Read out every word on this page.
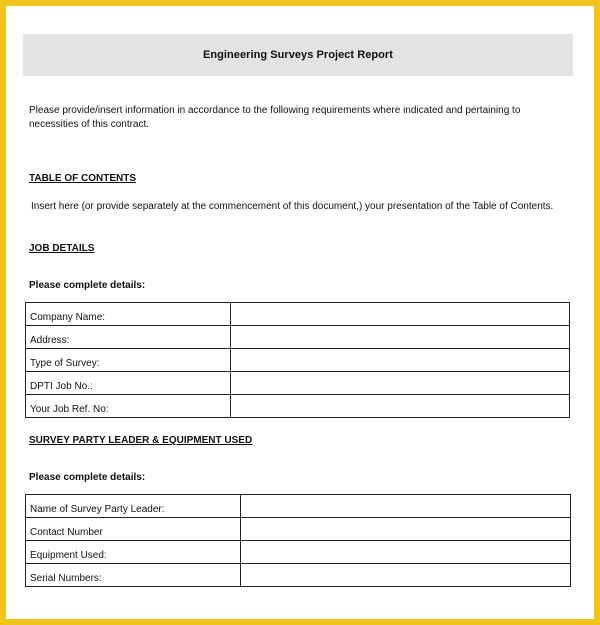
Engineering Surveys Project Report
Please provide/insert information in accordance to the following requirements where indicated and pertaining to necessities of this contract.
TABLE OF CONTENTS
Insert here (or provide separately at the commencement of this document,) your presentation of the Table of Contents.
JOB DETAILS
Please complete details:
Company Name:	
Address:	
Type of Survey:	
DPTI Job No.:	
Your Job Ref. No:	
SURVEY PARTY LEADER & EQUIPMENT USED
Please complete details:
Name of Survey Party Leader:	
Contact Number	
Equipment Used:	
Serial Numbers:	
